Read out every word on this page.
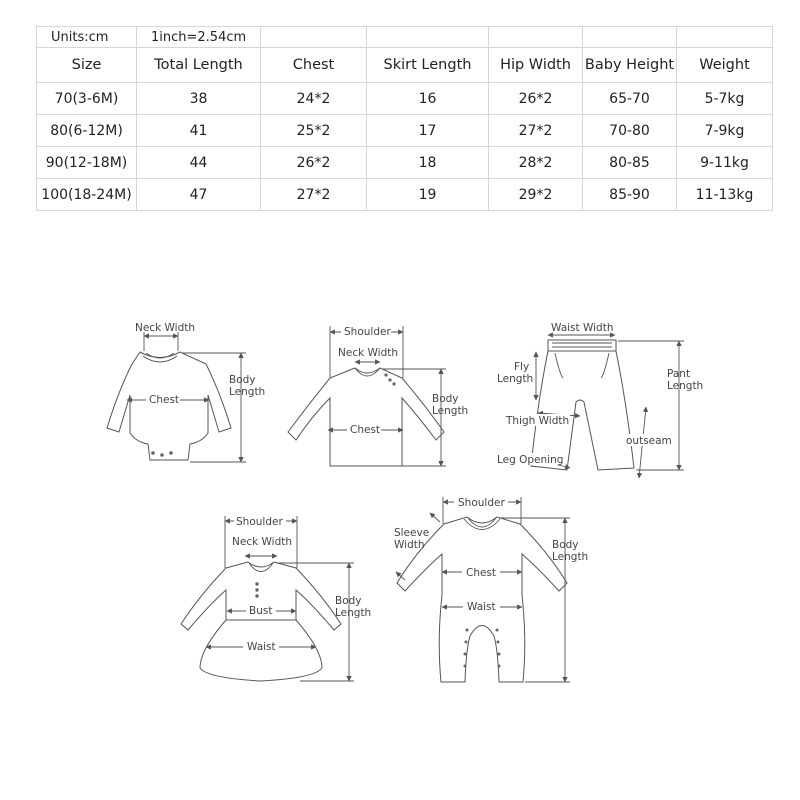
Units:cm	1inch=2.54cm					
Size	Total Length	Chest	Skirt Length	Hip Width	Baby Height	Weight
70(3-6M)	38	24*2	16	26*2	65-70	5-7kg
80(6-12M)	41	25*2	17	27*2	70-80	7-9kg
90(12-18M)	44	26*2	18	28*2	80-85	9-11kg
100(18-24M)	47	27*2	19	29*2	85-90	11-13kg
Neck Width
Chest
Body
Length
Shoulder
Neck Width
Chest
Body
Length
Waist Width
Fly
Length	Pant
Length
Thigh Width
outseam
Leg Opening
Shoulder
Neck Width
Bust
Waist
Body
Length
Shoulder
Sleeve
Width
Chest
Waist
Body
Length
